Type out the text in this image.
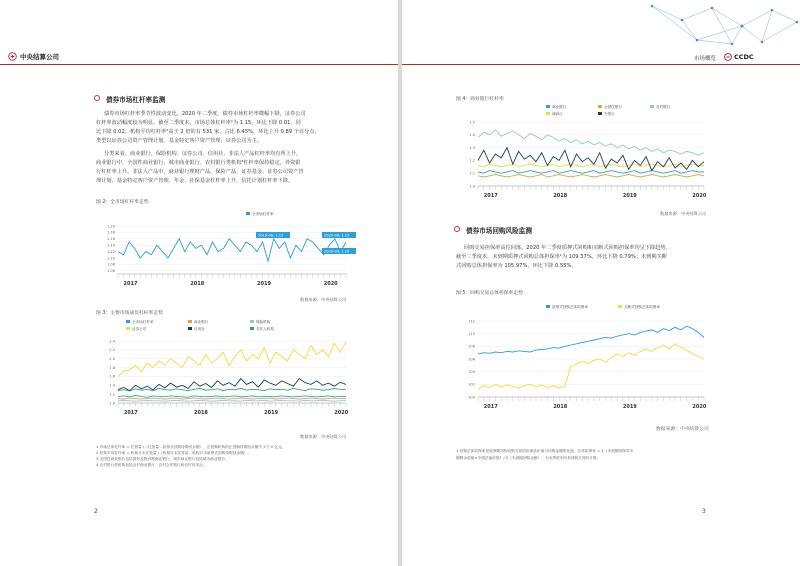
中央结算公司
债券市场杠杆率监测
债券市场杠杆率季节性波动变化。2020 年二季度，债券市场杠杆率微幅下降，证券公司
杠杆率波动幅度较为明显。截至二季度末，市场总体杠杆率¹为 1.15，环比下降 0.01，同
比下降 0.02。机构平均杠杆率²高于 2 倍的有 531 家，占比 6.45%，环比上升 0.89 个百分点，
类型以证券公司资产管理计划、基金特定客户资产管理、证券公司为主。
分类来看，商业银行、保险机构、证券公司、信用社、非法人产品杠杆率均有所上升。
商业银行中，全国性商业银行、城市商业银行、农村银行类机构³杠杆率保持稳定，外资银
行杠杆率上升。非法人产品中，商业银行理财产品、保险产品、证券基金、证券公司资产管
理计划、基金特定客户资产管理、年金、社保基金杠杆率上升，信托计划杠杆率下降。
图 2：全市场杠杆率走势
1.20
1.18
1.16
1.14
1.12
1.10
1.08
1.06
2017	2018	2019	2020
全市场杠杆率
2019-06, 1.15	2020-06, 1.15
2020-03, 1.16
数据来源：中央结算公司
图 3：主要市场成员杠杆率走势
2.4
2.2
2.0
1.8
1.6
1.4
1.2
1.0
2017	2018	2019	2020
全市场杠杆率	商业银行	保险机构
证券公司	信用社	非法人机构
数据来源：中央结算公司
1 市场总体杠杆率 = 托管量 /（托管量 - 质押式回购待购回余额），正回购机构的正回购待购回余额不少于 0 亿元。
2 机构平均杠杆率 = 机构月末托管量 /（机构月末托管量 - 机构月末质押式回购待购回余额）。
3 全国性商业银行包括国有及股份制商业银行，城市商业银行包括城市商业银行。
4 农村银行类机构包括农村商业银行、农村合作银行和农村信用社。
2
市场概览	CCDC
图 4：商业银行杠杆率
1.5
1.4
1.3
1.2
1.1
1.0
2017	2018	2019	2020
商业银行	全国性银行	农村银行
城商行	外资行
数据来源：中央结算公司
债券市场回购风险监测
回购交易担保率高位回落。2020 年二季度质押式回购和买断式回购担保率均呈下降趋势。
截至二季度末，末到期质押式回购总体担保率¹为 109.37%，环比下降 0.79%；未到期买断
式回购总体担保率为 105.97%，环比下降 0.55%。
图 5：回购交易总体担保率走势
112
110
108
106
104
102
100
2017	2018	2019	2020
质押式回购总体担保率	买断式回购总体担保率
数据来源：中央结算公司
1 回购总体担保率是质押期初待回购交易的担保品价值与回购金额的比值，总体担保率 = Σ（未到期担保券市
期剩余面值×中债估值价格）/ Σ（未到期回购金额），为本季度末所有回购交易的计算。
3
